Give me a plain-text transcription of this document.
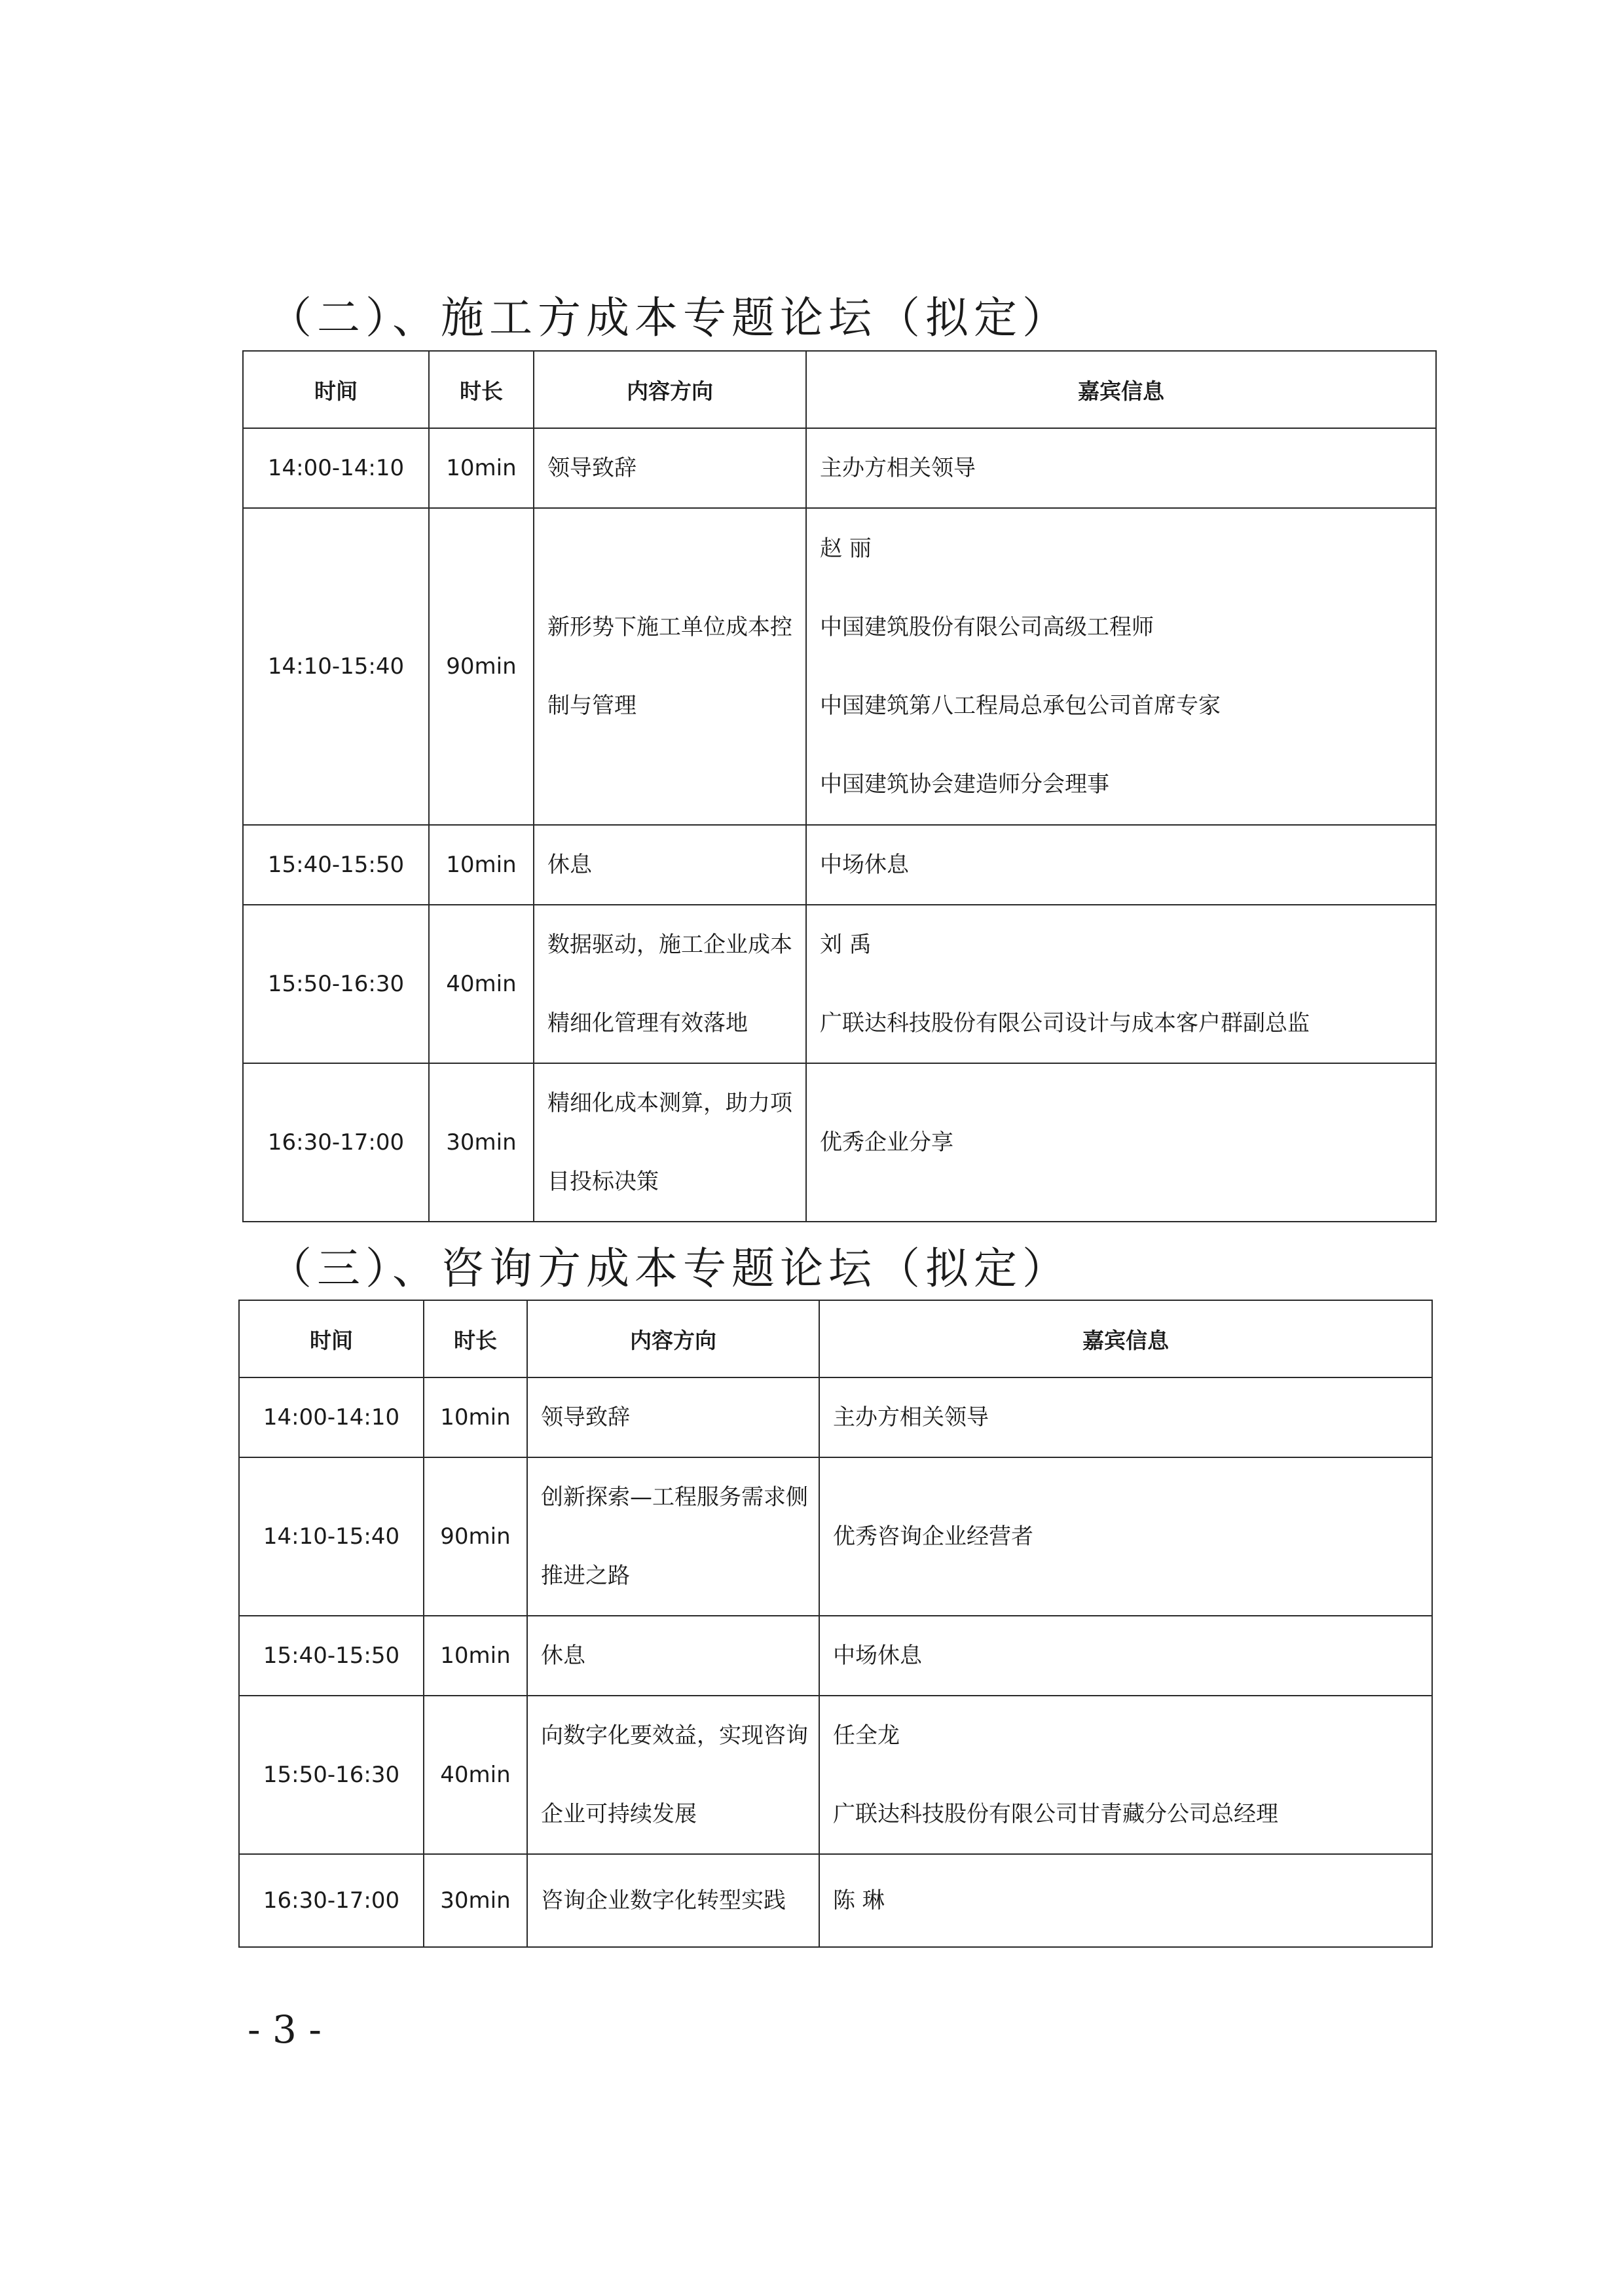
（二）、施工方成本专题论坛（拟定）
时间	时长	内容方向	嘉宾信息
14:00-14:10	10min	领导致辞	主办方相关领导

14:10-15:40	90min	新形势下施工单位成本控
制与管理	赵 丽
中国建筑股份有限公司高级工程师
中国建筑第八工程局总承包公司首席专家
中国建筑协会建造师分会理事

15:40-15:50	10min	休息	中场休息

15:50-16:30	40min	数据驱动，施工企业成本
精细化管理有效落地	刘 禹
广联达科技股份有限公司设计与成本客户群副总监

16:30-17:00	30min	精细化成本测算，助力项
目投标决策	优秀企业分享
（三）、咨询方成本专题论坛（拟定）
时间	时长	内容方向	嘉宾信息
14:00-14:10	10min	领导致辞	主办方相关领导

14:10-15:40	90min	创新探索—工程服务需求侧
推进之路	优秀咨询企业经营者

15:40-15:50	10min	休息	中场休息

15:50-16:30	40min	向数字化要效益，实现咨询
企业可持续发展	任全龙
广联达科技股份有限公司甘青藏分公司总经理

16:30-17:00	30min	咨询企业数字化转型实践	陈 琳
- 3 -
